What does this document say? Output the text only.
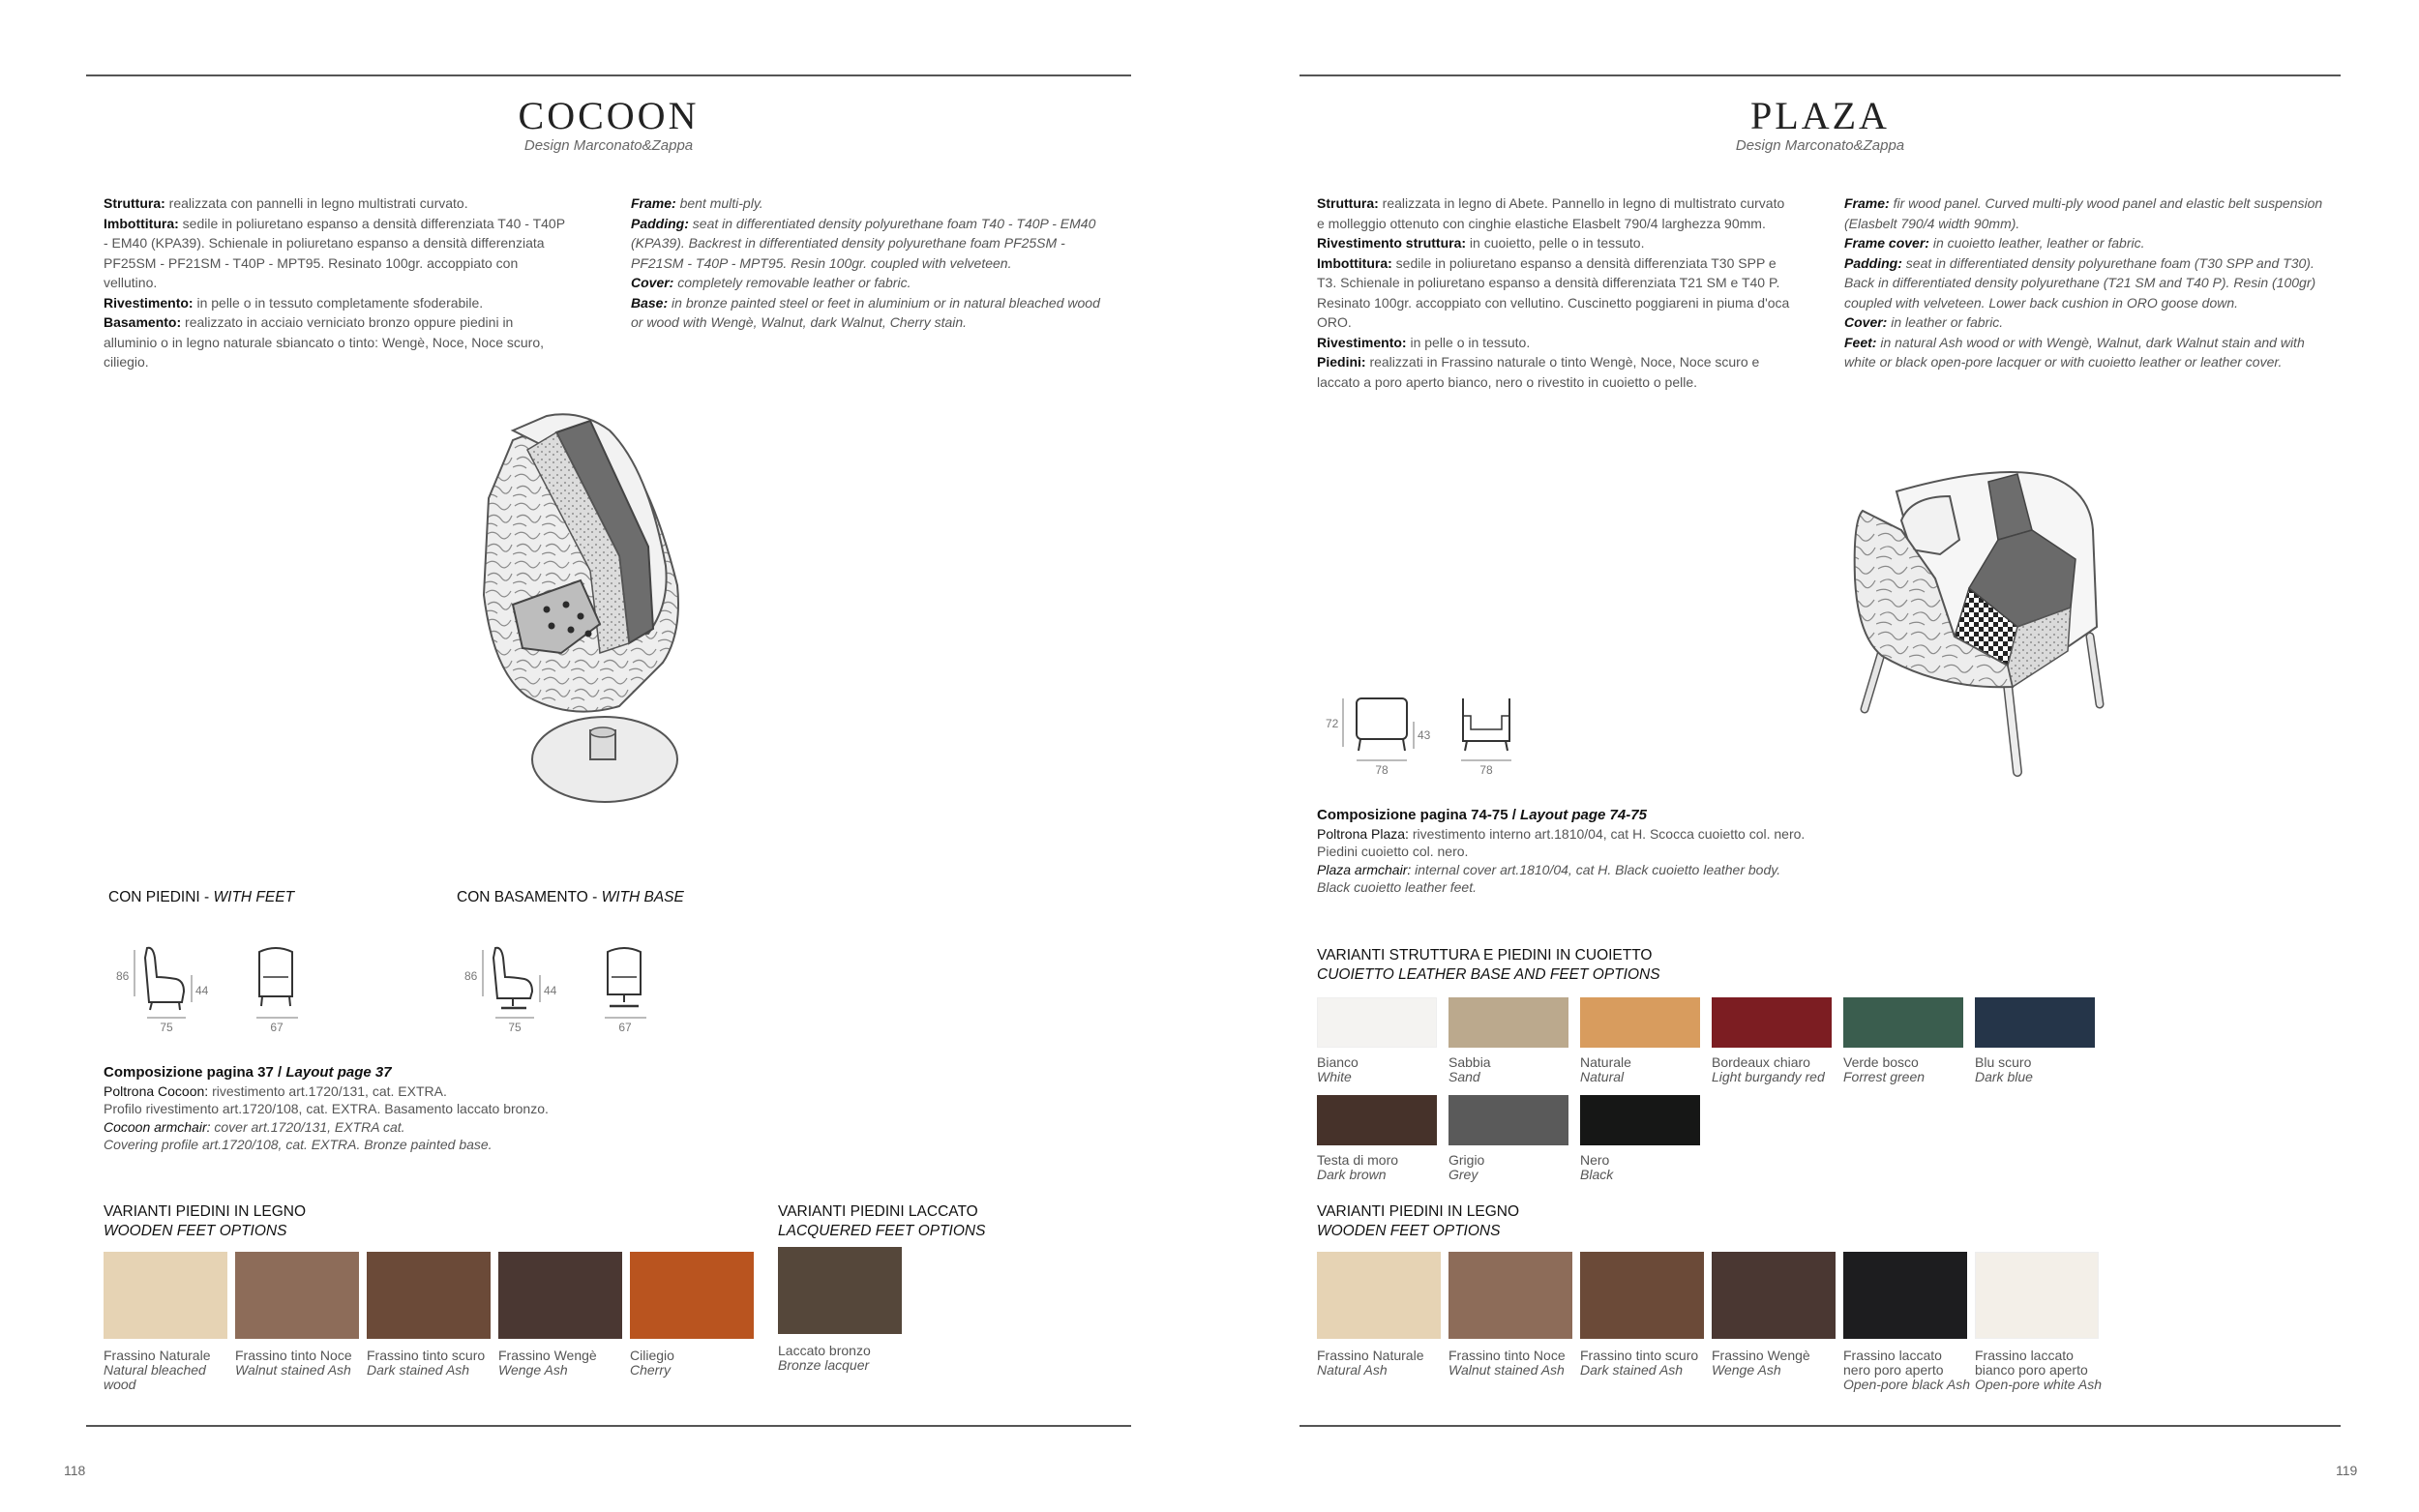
COCOON
Design Marconato&Zappa

Struttura: realizzata con pannelli in legno multistrati curvato.

Imbottitura: sedile in poliuretano espanso a densità differenziata T40 - T40P - EM40 (KPA39). Schienale in poliuretano espanso a densità differenziata PF25SM - PF21SM - T40P - MPT95. Resinato 100gr. accoppiato con vellutino.

Rivestimento: in pelle o in tessuto completamente sfoderabile.

Basamento: realizzato in acciaio verniciato bronzo oppure piedini in alluminio o in legno naturale sbiancato o tinto: Wengè, Noce, Noce scuro, ciliegio.

Frame: bent multi-ply.

Padding: seat in differentiated density polyurethane foam T40 - T40P - EM40 (KPA39). Backrest in differentiated density polyurethane foam PF25SM - PF21SM - T40P - MPT95. Resin 100gr. coupled with velveteen.

Cover: completely removable leather or fabric.

Base: in bronze painted steel or feet in aluminium or in natural bleached wood or wood with Wengè, Walnut, dark Walnut, Cherry stain.

CON PIEDINI - WITH FEET	CON BASAMENTO - WITH BASE
86
44
75	67
86
44
75	67
Composizione pagina 37 / Layout page 37
Poltrona Cocoon: rivestimento art.1720/131, cat. EXTRA.
Profilo rivestimento art.1720/108, cat. EXTRA. Basamento laccato bronzo.
Cocoon armchair: cover art.1720/131, EXTRA cat.
Covering profile art.1720/108, cat. EXTRA. Bronze painted base.
VARIANTI PIEDINI IN LEGNO
WOODEN FEET OPTIONS
Frassino Naturale
Natural bleached wood
Frassino tinto Noce
Walnut stained Ash
Frassino tinto scuro
Dark stained Ash
Frassino Wengè
Wenge Ash
Ciliegio
Cherry
VARIANTI PIEDINI LACCATO
LACQUERED FEET OPTIONS
Laccato bronzo
Bronze lacquer
118
PLAZA
Design Marconato&Zappa

Struttura: realizzata in legno di Abete. Pannello in legno di multistrato curvato e molleggio ottenuto con cinghie elastiche Elasbelt 790/4 larghezza 90mm.

Rivestimento struttura: in cuoietto, pelle o in tessuto.

Imbottitura: sedile in poliuretano espanso a densità differenziata T30 SPP e T3. Schienale in poliuretano espanso a densità differenziata T21 SM e T40 P. Resinato 100gr. accoppiato con vellutino. Cuscinetto poggiareni in piuma d'oca ORO.

Rivestimento: in pelle o in tessuto.

Piedini: realizzati in Frassino naturale o tinto Wengè, Noce, Noce scuro e laccato a poro aperto bianco, nero o rivestito in cuoietto o pelle.

Frame: fir wood panel. Curved multi-ply wood panel and elastic belt suspension (Elasbelt 790/4 width 90mm).

Frame cover: in cuoietto leather, leather or fabric.

Padding: seat in differentiated density polyurethane foam (T30 SPP and T30). Back in differentiated density polyurethane (T21 SM and T40 P). Resin (100gr) coupled with velveteen. Lower back cushion in ORO goose down.

Cover: in leather or fabric.

Feet: in natural Ash wood or with Wengè, Walnut, dark Walnut stain and with white or black open-pore lacquer or with cuoietto leather or leather cover.

72
43
78	78
Composizione pagina 74-75 / Layout page 74-75
Poltrona Plaza: rivestimento interno art.1810/04, cat H. Scocca cuoietto col. nero.
Piedini cuoietto col. nero.
Plaza armchair: internal cover art.1810/04, cat H. Black cuoietto leather body.
Black cuoietto leather feet.
VARIANTI STRUTTURA E PIEDINI IN CUOIETTO
CUOIETTO LEATHER BASE AND FEET OPTIONS
Bianco
White
Sabbia
Sand
Naturale
Natural
Bordeaux chiaro
Light burgandy red
Verde bosco
Forrest green
Blu scuro
Dark blue
Testa di moro
Dark brown
Grigio
Grey
Nero
Black
VARIANTI PIEDINI IN LEGNO
WOODEN FEET OPTIONS
Frassino Naturale
Natural Ash
Frassino tinto Noce
Walnut stained Ash
Frassino tinto scuro
Dark stained Ash
Frassino Wengè
Wenge Ash
Frassino laccato nero poro aperto
Open-pore black Ash
Frassino laccato bianco poro aperto
Open-pore white Ash
119
